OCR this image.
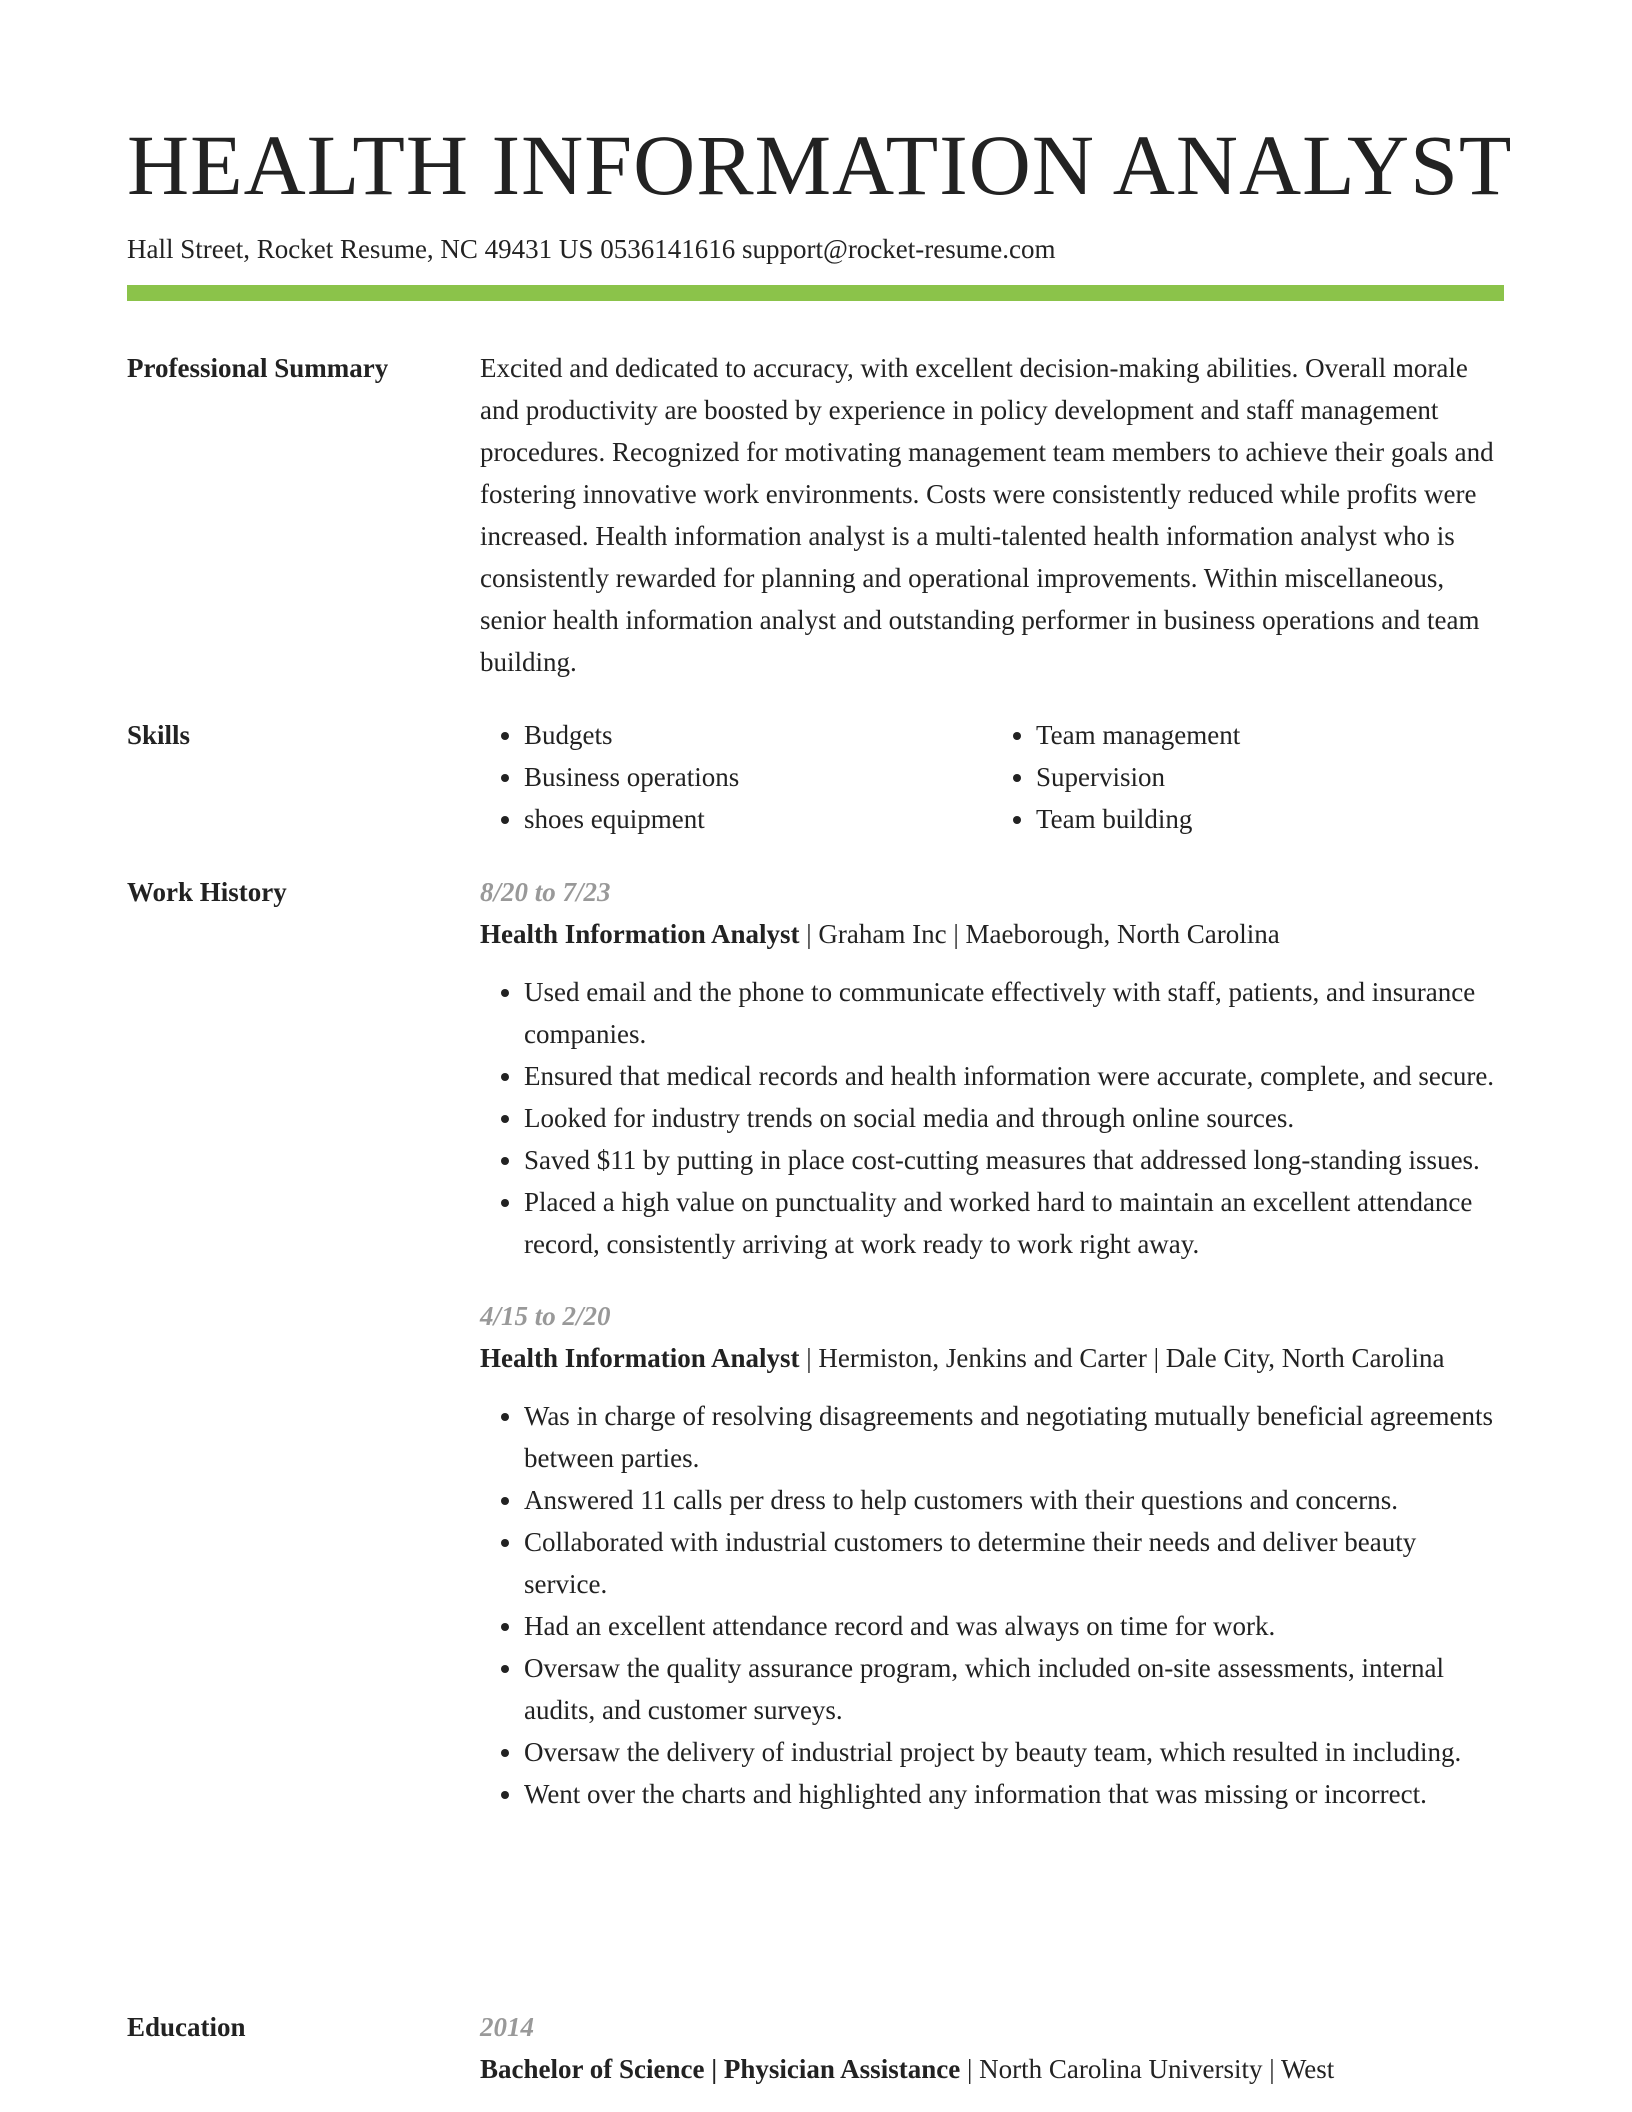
HEALTH INFORMATION ANALYST
Hall Street, Rocket Resume, NC 49431 US 0536141616 support@rocket-resume.com
Professional Summary	Excited and dedicated to accuracy, with excellent decision-making abilities. Overall morale and productivity are boosted by experience in policy development and staff management procedures. Recognized for motivating management team members to achieve their goals and fostering innovative work environments. Costs were consistently reduced while profits were increased. Health information analyst is a multi-talented health information analyst who is consistently rewarded for planning and operational improvements. Within miscellaneous, senior health information analyst and outstanding performer in business operations and team building.

Skills
•	Budgets
• Business operations
• shoes equipment
• Team management
• Supervision
• Team building
Work History	8/20 to 7/23

Health Information Analyst | Graham Inc | Maeborough, North Carolina

• Used email and the phone to communicate effectively with staff, patients, and insurance companies.
• Ensured that medical records and health information were accurate, complete, and secure.
• Looked for industry trends on social media and through online sources.
• Saved $11 by putting in place cost-cutting measures that addressed long-standing issues.
• Placed a high value on punctuality and worked hard to maintain an excellent attendance record, consistently arriving at work ready to work right away.
4/15 to 2/20

Health Information Analyst | Hermiston, Jenkins and Carter | Dale City, North Carolina

• Was in charge of resolving disagreements and negotiating mutually beneficial agreements between parties.
• Answered 11 calls per dress to help customers with their questions and concerns.
• Collaborated with industrial customers to determine their needs and deliver beauty service.
• Had an excellent attendance record and was always on time for work.
• Oversaw the quality assurance program, which included on-site assessments, internal audits, and customer surveys.
• Oversaw the delivery of industrial project by beauty team, which resulted in including.
• Went over the charts and highlighted any information that was missing or incorrect.
Education	2014

Bachelor of Science | Physician Assistance | North Carolina University | West
